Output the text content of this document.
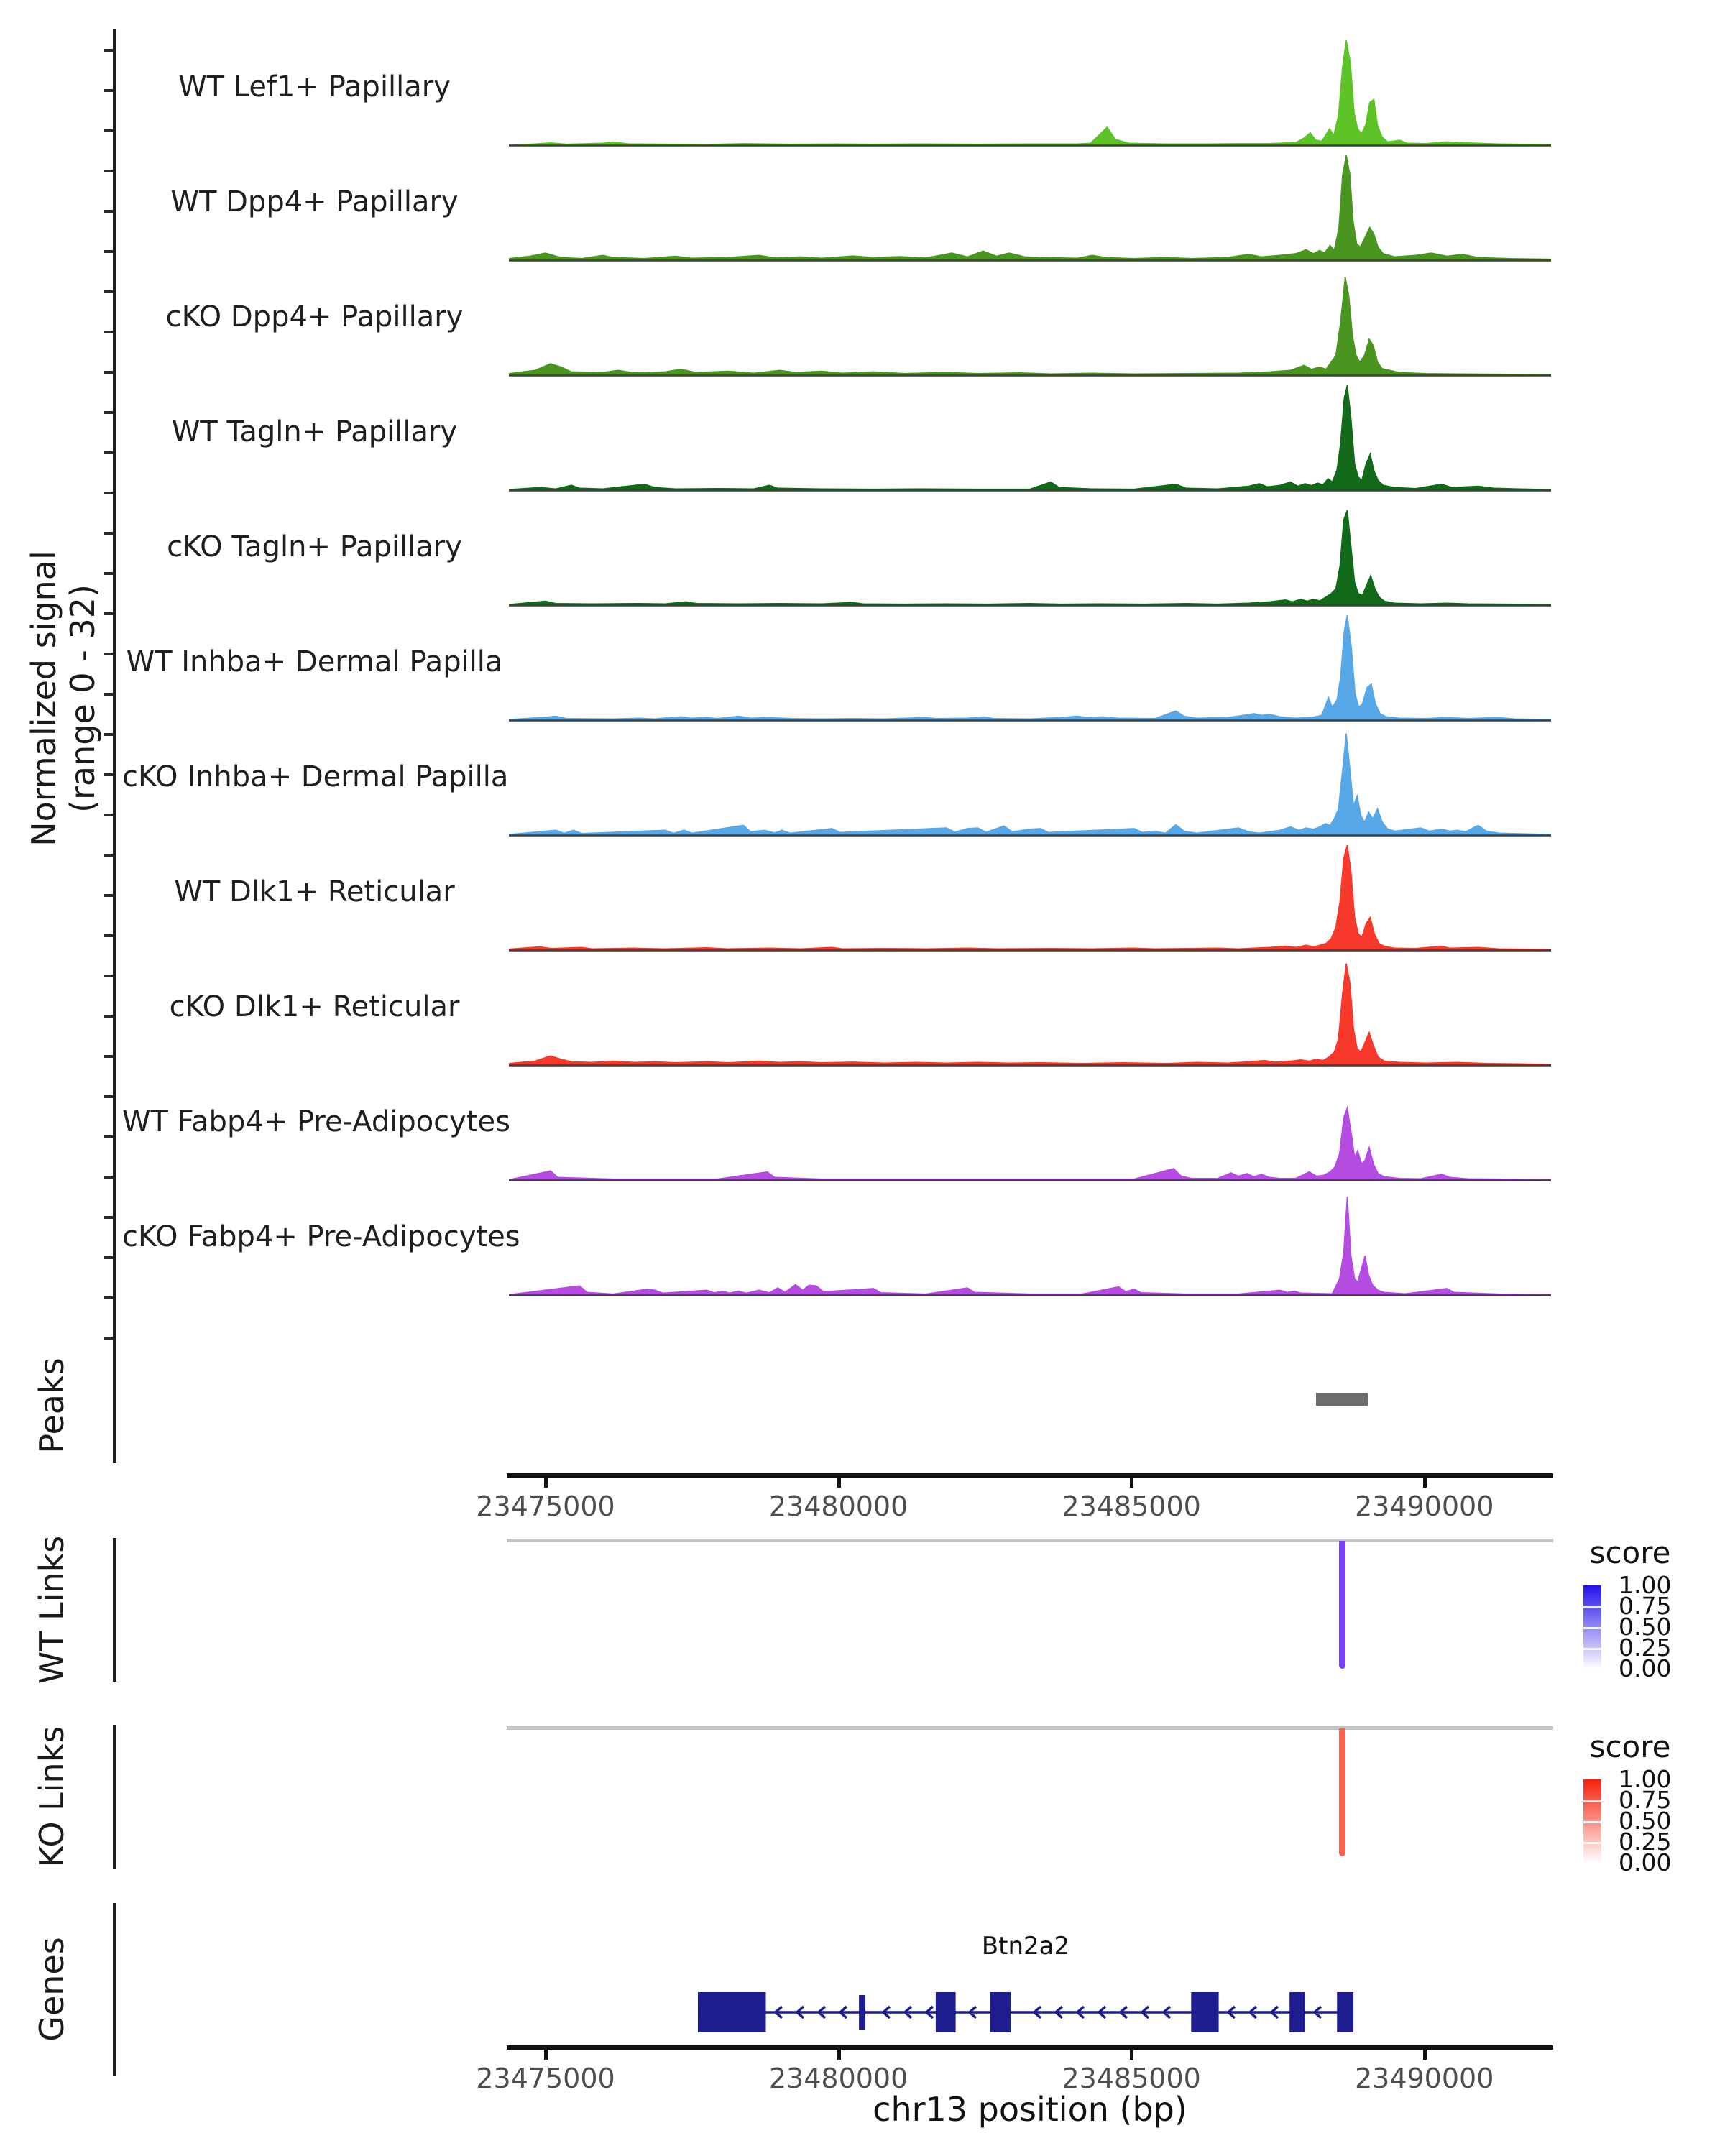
Normalized signal (range 0 - 32)
WT Lef1+ Papillary
WT Dpp4+ Papillary
cKO Dpp4+ Papillary
WT Tagln+ Papillary
cKO Tagln+ Papillary
WT Inhba+ Dermal Papilla
cKO Inhba+ Dermal Papilla
WT Dlk1+ Reticular
cKO Dlk1+ Reticular
WT Fabp4+ Pre-Adipocytes
cKO Fabp4+ Pre-Adipocytes
Peaks
23475000	23480000	23485000	23490000
WT Links	score
1.00
0.75
0.50
0.25
0.00
KO Links	score
1.00
0.75
0.50
0.25
0.00
Genes	Btn2a2
23475000	23480000	23485000	23490000
chr13 position (bp)
